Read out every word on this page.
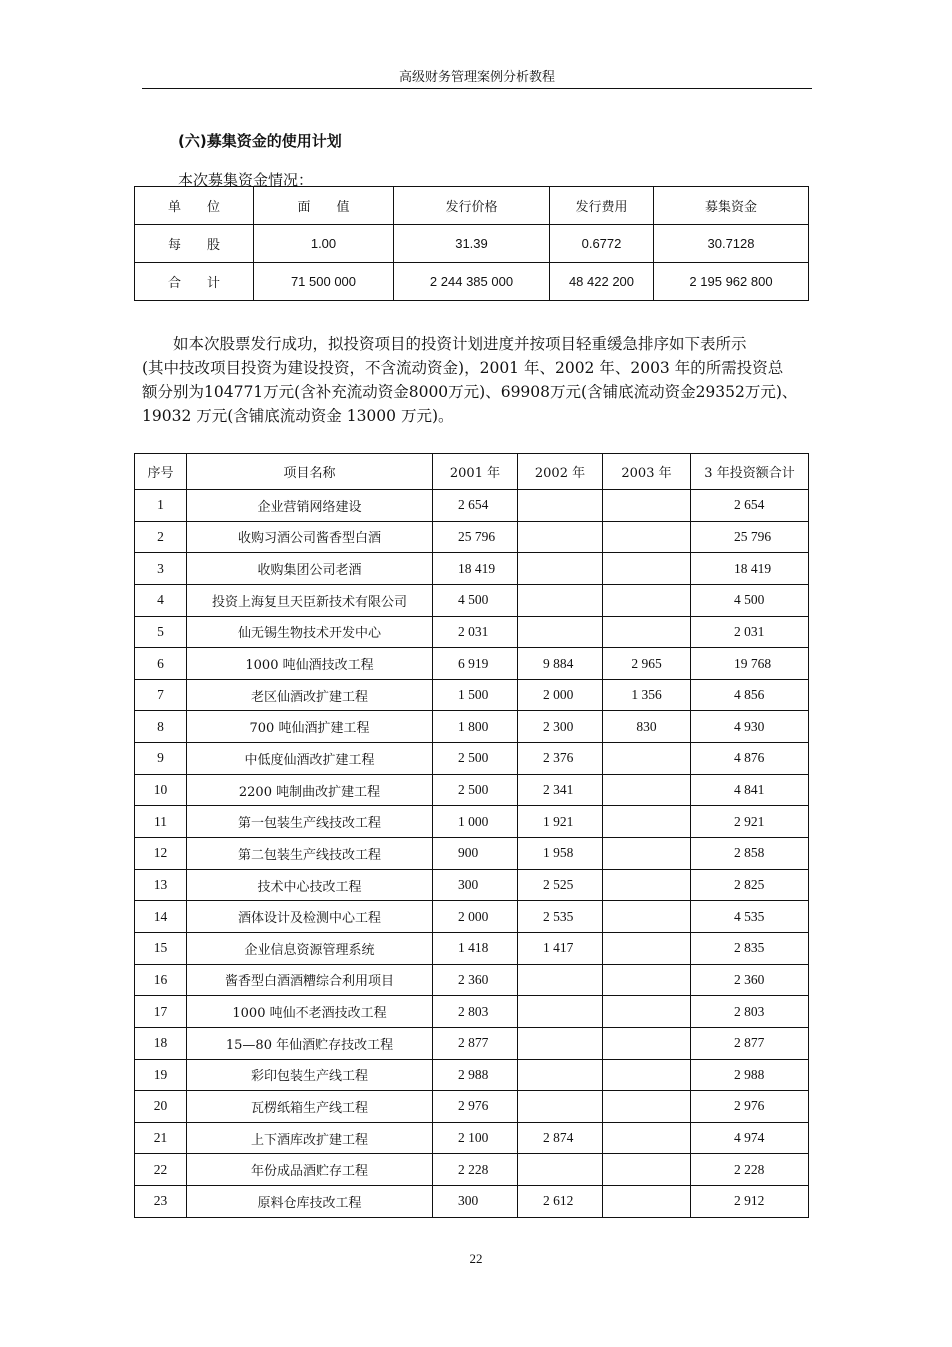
高级财务管理案例分析教程
(六)募集资金的使用计划
本次募集资金情况：
单　　位	面　　值	发行价格	发行费用	募集资金
每　　股	1.00	31.39	0.6772	30.7128
合　　计	71 500 000	2 244 385 000	48 422 200	2 195 962 800

如本次股票发行成功，拟投资项目的投资计划进度并按项目轻重缓急排序如下表所示

(其中技改项目投资为建设投资，不含流动资金)，2001 年、2002 年、2003 年的所需投资总

额分别为104771万元(含补充流动资金8000万元)、69908万元(含铺底流动资金29352万元)、

19032 万元(含铺底流动资金 13000 万元)。

序号	项目名称	2001 年	2002 年	2003 年	3 年投资额合计
1	企业营销网络建设	2 654			2 654
2	收购习酒公司酱香型白酒	25 796			25 796
3	收购集团公司老酒	18 419			18 419
4	投资上海复旦天臣新技术有限公司	4 500			4 500
5	仙无锡生物技术开发中心	2 031			2 031
6	1000 吨仙酒技改工程	6 919	9 884	2 965	19 768
7	老区仙酒改扩建工程	1 500	2 000	1 356	4 856
8	700 吨仙酒扩建工程	1 800	2 300	830	4 930
9	中低度仙酒改扩建工程	2 500	2 376		4 876
10	2200 吨制曲改扩建工程	2 500	2 341		4 841
11	第一包装生产线技改工程	1 000	1 921		2 921
12	第二包装生产线技改工程	900	1 958		2 858
13	技术中心技改工程	300	2 525		2 825
14	酒体设计及检测中心工程	2 000	2 535		4 535
15	企业信息资源管理系统	1 418	1 417		2 835
16	酱香型白酒酒糟综合利用项目	2 360			2 360
17	1000 吨仙不老酒技改工程	2 803			2 803
18	15—80 年仙酒贮存技改工程	2 877			2 877
19	彩印包装生产线工程	2 988			2 988
20	瓦楞纸箱生产线工程	2 976			2 976
21	上下酒库改扩建工程	2 100	2 874		4 974
22	年份成品酒贮存工程	2 228			2 228
23	原料仓库技改工程	300	2 612		2 912
22
